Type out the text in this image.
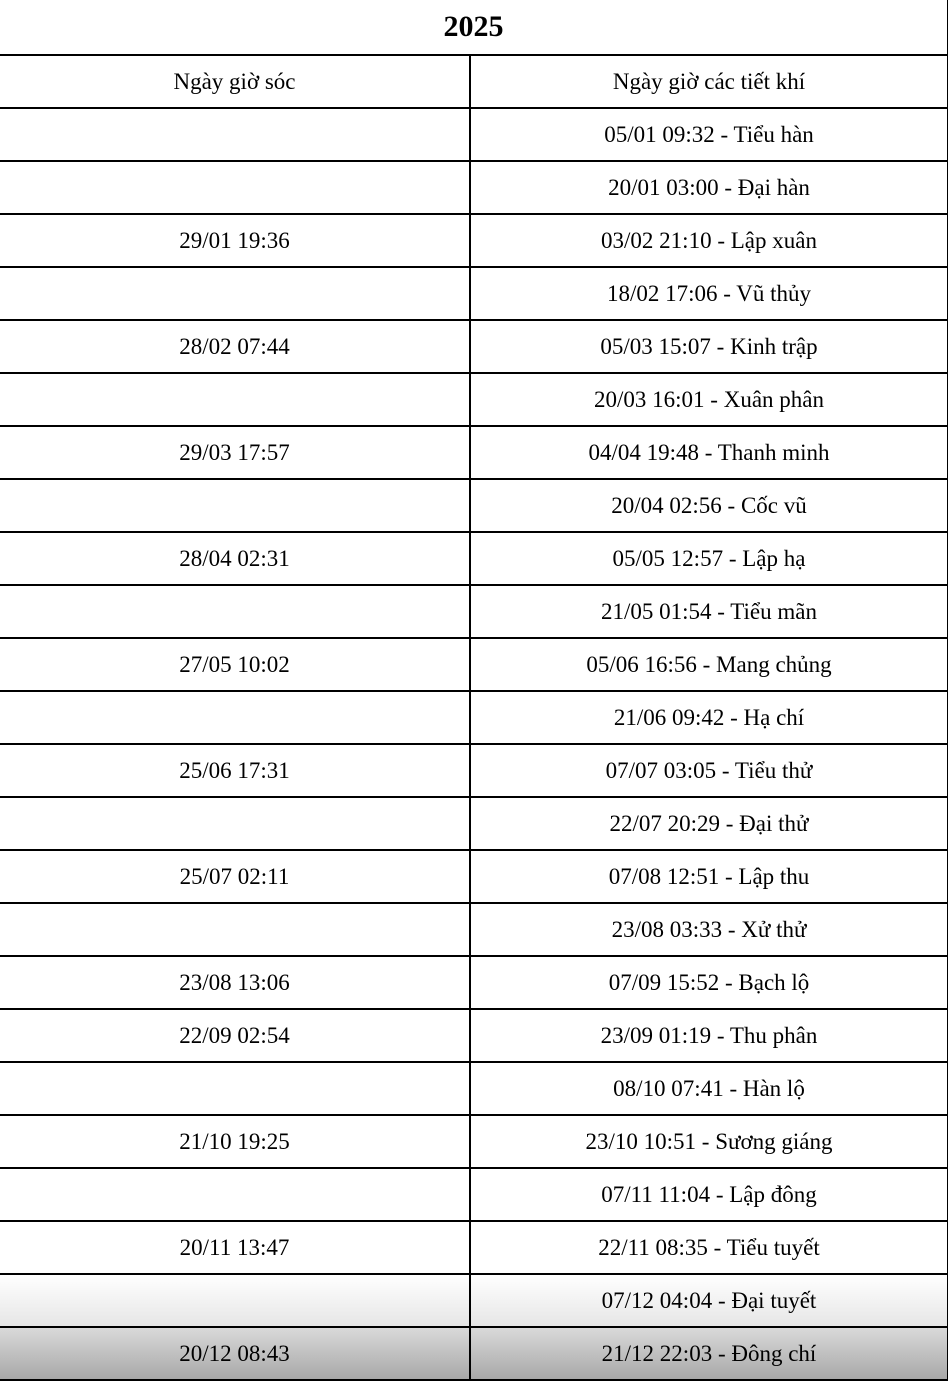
2025	
Ngày giờ sóc	Ngày giờ các tiết khí
	05/01 09:32 - Tiểu hàn
	20/01 03:00 - Đại hàn
29/01 19:36	03/02 21:10 - Lập xuân
	18/02 17:06 - Vũ thủy
28/02 07:44	05/03 15:07 - Kinh trập
	20/03 16:01 - Xuân phân
29/03 17:57	04/04 19:48 - Thanh minh
	20/04 02:56 - Cốc vũ
28/04 02:31	05/05 12:57 - Lập hạ
	21/05 01:54 - Tiểu mãn
27/05 10:02	05/06 16:56 - Mang chủng
	21/06 09:42 - Hạ chí
25/06 17:31	07/07 03:05 - Tiểu thử
	22/07 20:29 - Đại thử
25/07 02:11	07/08 12:51 - Lập thu
	23/08 03:33 - Xử thử
23/08 13:06	07/09 15:52 - Bạch lộ
22/09 02:54	23/09 01:19 - Thu phân
	08/10 07:41 - Hàn lộ
21/10 19:25	23/10 10:51 - Sương giáng
	07/11 11:04 - Lập đông
20/11 13:47	22/11 08:35 - Tiểu tuyết
	07/12 04:04 - Đại tuyết
20/12 08:43	21/12 22:03 - Đông chí
